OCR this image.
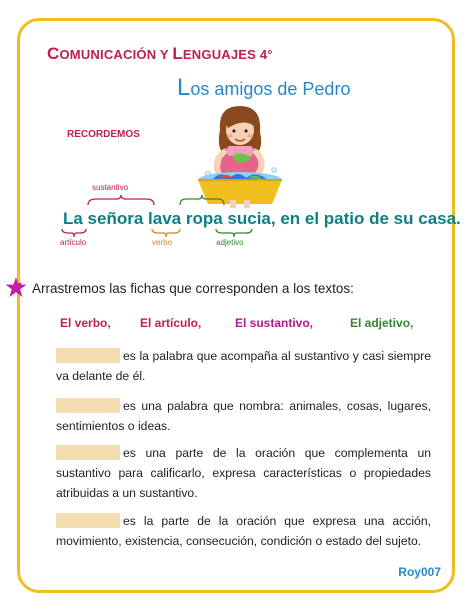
COMUNICACIÓN Y LENGUAJES 4°
Los amigos de Pedro
RECORDEMOS
sustantivo
La señora lava ropa sucia, en el patio de su casa.
artículo	verbo	adjetivo
Arrastremos las fichas que corresponden a los textos:
El verbo, El artículo,	El sustantivo,	El adjetivo,

es la palabra que acompaña al sustantivo y casi siempre va delante de él.

es una palabra que nombra: animales, cosas, lugares, sentimientos o ideas.

es una parte de la oración que complementa un sustantivo para calificarlo, expresa características o propiedades atribuidas a un sustantivo.

es la parte de la oración que expresa una acción, movimiento, existencia, consecución, condición o estado del sujeto.

Roy007
